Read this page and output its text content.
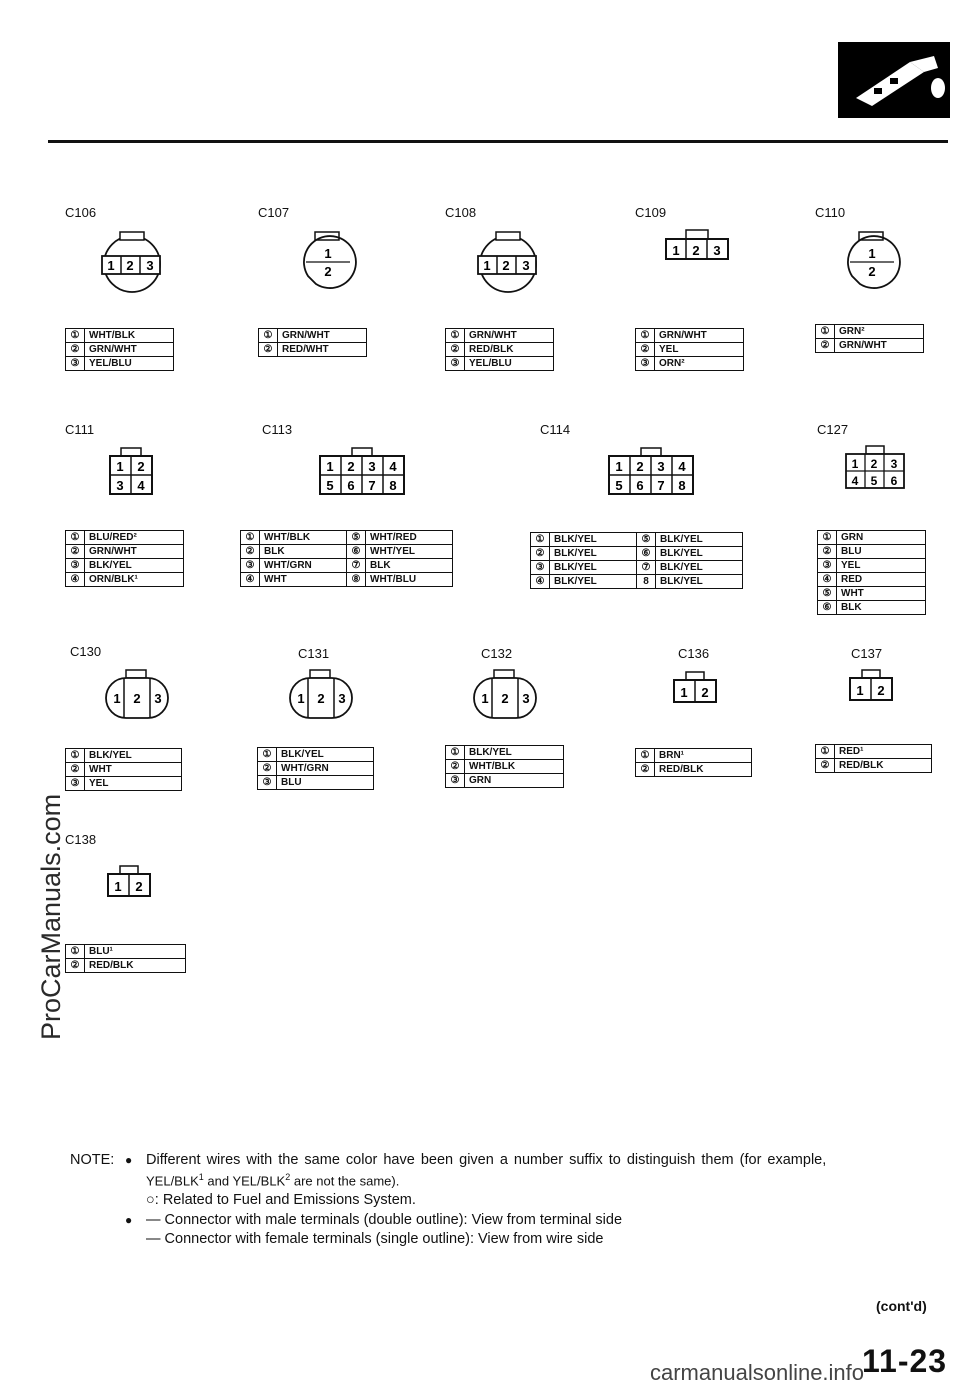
C106	C107	C108	C109	C110
1 2 3
1
2	1 2 3
1 2 3	1
2
①	WHT/BLK
②	GRN/WHT
③	YEL/BLU
①	GRN/WHT
②	RED/WHT
①	GRN/WHT
②	RED/BLK
③	YEL/BLU
①	GRN/WHT
②	YEL
③	ORN²
①	GRN²
②	GRN/WHT
C111	C113	C114	C127
1 2
3 4
1 2 3 4
5 6 7 8
1 2 3 4
5 6 7 8
1 2 3
4 5 6
①	BLU/RED²
②	GRN/WHT
③	BLK/YEL
④	ORN/BLK¹
①	WHT/BLK	⑤	WHT/RED
②	BLK	⑥	WHT/YEL
③	WHT/GRN	⑦	BLK
④	WHT	⑧	WHT/BLU
①	BLK/YEL	⑤	BLK/YEL
②	BLK/YEL	⑥	BLK/YEL
③	BLK/YEL	⑦	BLK/YEL
④	BLK/YEL	8	BLK/YEL
①	GRN
②	BLU
③	YEL
④	RED
⑤	WHT
⑥	BLK
C130	C131	C132	C136	C137
1 2 3	1 2 3	1 2 3	1 2	1 2
①	BLK/YEL
②	WHT
③	YEL
①	BLK/YEL
②	WHT/GRN
③	BLU
①	BLK/YEL
②	WHT/BLK
③	GRN
①	BRN¹
②	RED/BLK
①	RED¹
②	RED/BLK
C138
1 2
①	BLU¹
②	RED/BLK
ProCarManuals.com
NOTE: ● Different wires with the same color have been given a number suffix to distinguish them (for example,
YEL/BLK$^1$ and YEL/BLK$^2$ are not the same).
○: Related to Fuel and Emissions System.
● — Connector with male terminals (double outline): View from terminal side
— Connector with female terminals (single outline): View from wire side
(cont'd)
carmanualsonline.info
11-23
